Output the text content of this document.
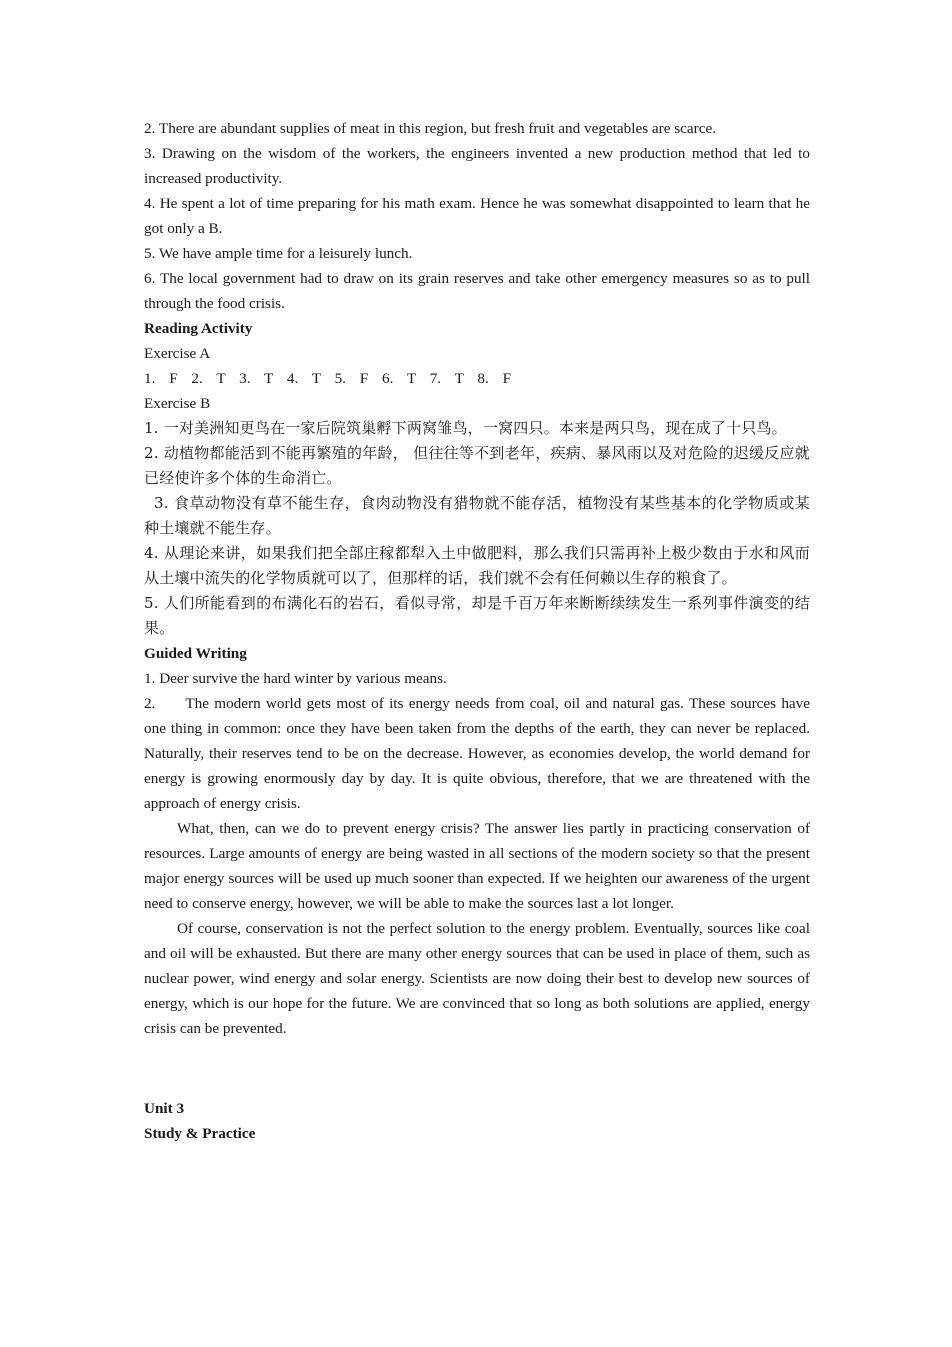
2. There are abundant supplies of meat in this region, but fresh fruit and vegetables are scarce.

3. Drawing on the wisdom of the workers, the engineers invented a new production method that led to increased productivity.

4. He spent a lot of time preparing for his math exam. Hence he was somewhat disappointed to learn that he got only a B.

5. We have ample time for a leisurely lunch.

6. The local government had to draw on its grain reserves and take other emergency measures so as to pull through the food crisis.

Reading Activity

Exercise A

1. F 2. T 3. T 4. T 5. F 6. T 7. T 8. F

Exercise B

1. 一对美洲知更鸟在一家后院筑巢孵下两窝雏鸟，一窝四只。本来是两只鸟，现在成了十只鸟。

2. 动植物都能活到不能再繁殖的年龄， 但往往等不到老年，疾病、暴风雨以及对危险的迟缓反应就已经使许多个体的生命消亡。

3. 食草动物没有草不能生存，食肉动物没有猎物就不能存活，植物没有某些基本的化学物质或某种土壤就不能生存。

4. 从理论来讲，如果我们把全部庄稼都犁入土中做肥料，那么我们只需再补上极少数由于水和风而从土壤中流失的化学物质就可以了，但那样的话，我们就不会有任何赖以生存的粮食了。

5. 人们所能看到的布满化石的岩石，看似寻常，却是千百万年来断断续续发生一系列事件演变的结果。

Guided Writing

1. Deer survive the hard winter by various means.

2. The modern world gets most of its energy needs from coal, oil and natural gas. These sources have one thing in common: once they have been taken from the depths of the earth, they can never be replaced. Naturally, their reserves tend to be on the decrease. However, as economies develop, the world demand for energy is growing enormously day by day. It is quite obvious, therefore, that we are threatened with the approach of energy crisis.

What, then, can we do to prevent energy crisis? The answer lies partly in practicing conservation of resources. Large amounts of energy are being wasted in all sections of the modern society so that the present major energy sources will be used up much sooner than expected. If we heighten our awareness of the urgent need to conserve energy, however, we will be able to make the sources last a lot longer.

Of course, conservation is not the perfect solution to the energy problem. Eventually, sources like coal and oil will be exhausted. But there are many other energy sources that can be used in place of them, such as nuclear power, wind energy and solar energy. Scientists are now doing their best to develop new sources of energy, which is our hope for the future. We are convinced that so long as both solutions are applied, energy crisis can be prevented.

Unit 3

Study & Practice
